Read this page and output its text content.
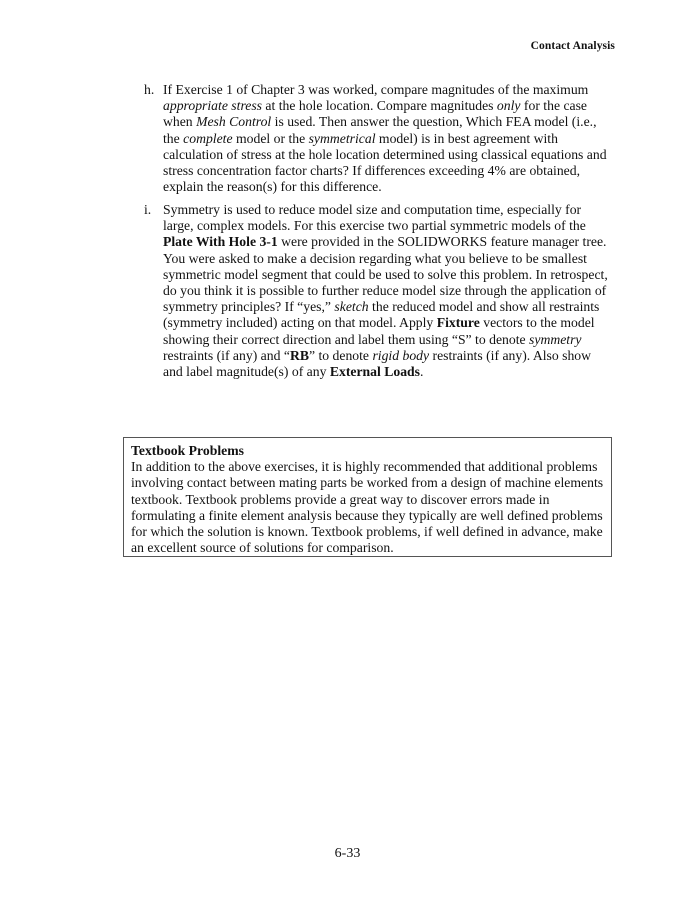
Contact Analysis
h. If Exercise 1 of Chapter 3 was worked, compare magnitudes of the maximum
appropriate stress at the hole location. Compare magnitudes only for the case
when Mesh Control is used. Then answer the question, Which FEA model (i.e.,
the complete model or the symmetrical model) is in best agreement with
calculation of stress at the hole location determined using classical equations and
stress concentration factor charts? If differences exceeding 4% are obtained,
explain the reason(s) for this difference.
i. Symmetry is used to reduce model size and computation time, especially for
large, complex models. For this exercise two partial symmetric models of the
Plate With Hole 3-1 were provided in the SOLIDWORKS feature manager tree.
You were asked to make a decision regarding what you believe to be smallest
symmetric model segment that could be used to solve this problem. In retrospect,
do you think it is possible to further reduce model size through the application of
symmetry principles? If “yes,” sketch the reduced model and show all restraints
(symmetry included) acting on that model. Apply Fixture vectors to the model
showing their correct direction and label them using “S” to denote symmetry
restraints (if any) and “RB” to denote rigid body restraints (if any). Also show
and label magnitude(s) of any External Loads.
Textbook Problems
In addition to the above exercises, it is highly recommended that additional problems
involving contact between mating parts be worked from a design of machine elements
textbook. Textbook problems provide a great way to discover errors made in
formulating a finite element analysis because they typically are well defined problems
for which the solution is known. Textbook problems, if well defined in advance, make
an excellent source of solutions for comparison.
6-33
